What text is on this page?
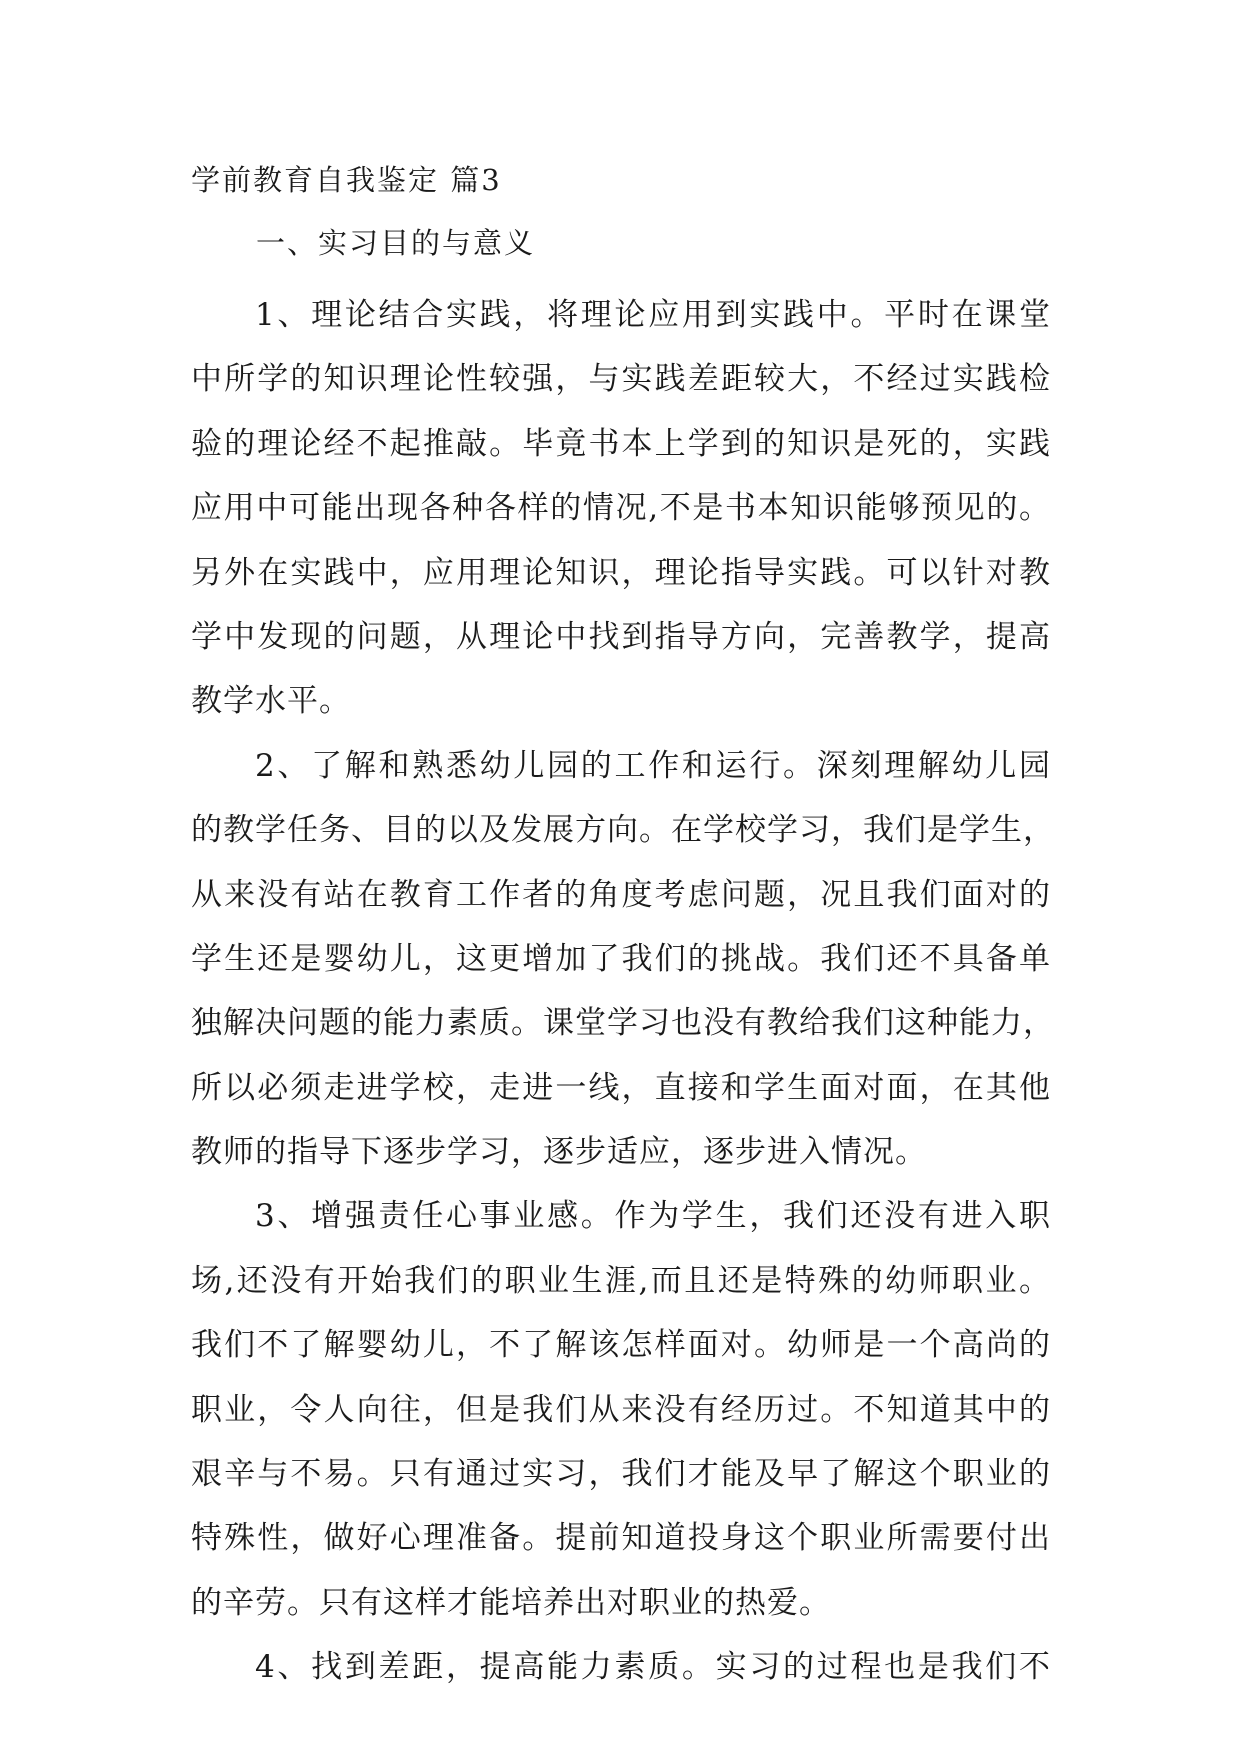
学前教育自我鉴定 篇3
一、实习目的与意义
1、理论结合实践，将理论应用到实践中。平时在课堂
中所学的知识理论性较强，与实践差距较大，不经过实践检
验的理论经不起推敲。毕竟书本上学到的知识是死的，实践
应用中可能出现各种各样的情况,不是书本知识能够预见的。
另外在实践中，应用理论知识，理论指导实践。可以针对教
学中发现的问题，从理论中找到指导方向，完善教学，提高
教学水平。
2、了解和熟悉幼儿园的工作和运行。深刻理解幼儿园
的教学任务、目的以及发展方向。在学校学习，我们是学生，
从来没有站在教育工作者的角度考虑问题，况且我们面对的
学生还是婴幼儿，这更增加了我们的挑战。我们还不具备单
独解决问题的能力素质。课堂学习也没有教给我们这种能力，
所以必须走进学校，走进一线，直接和学生面对面，在其他
教师的指导下逐步学习，逐步适应，逐步进入情况。
3、增强责任心事业感。作为学生，我们还没有进入职
场,还没有开始我们的职业生涯,而且还是特殊的幼师职业。
我们不了解婴幼儿，不了解该怎样面对。幼师是一个高尚的
职业，令人向往，但是我们从来没有经历过。不知道其中的
艰辛与不易。只有通过实习，我们才能及早了解这个职业的
特殊性，做好心理准备。提前知道投身这个职业所需要付出
的辛劳。只有这样才能培养出对职业的热爱。
4、找到差距，提高能力素质。实习的过程也是我们不
